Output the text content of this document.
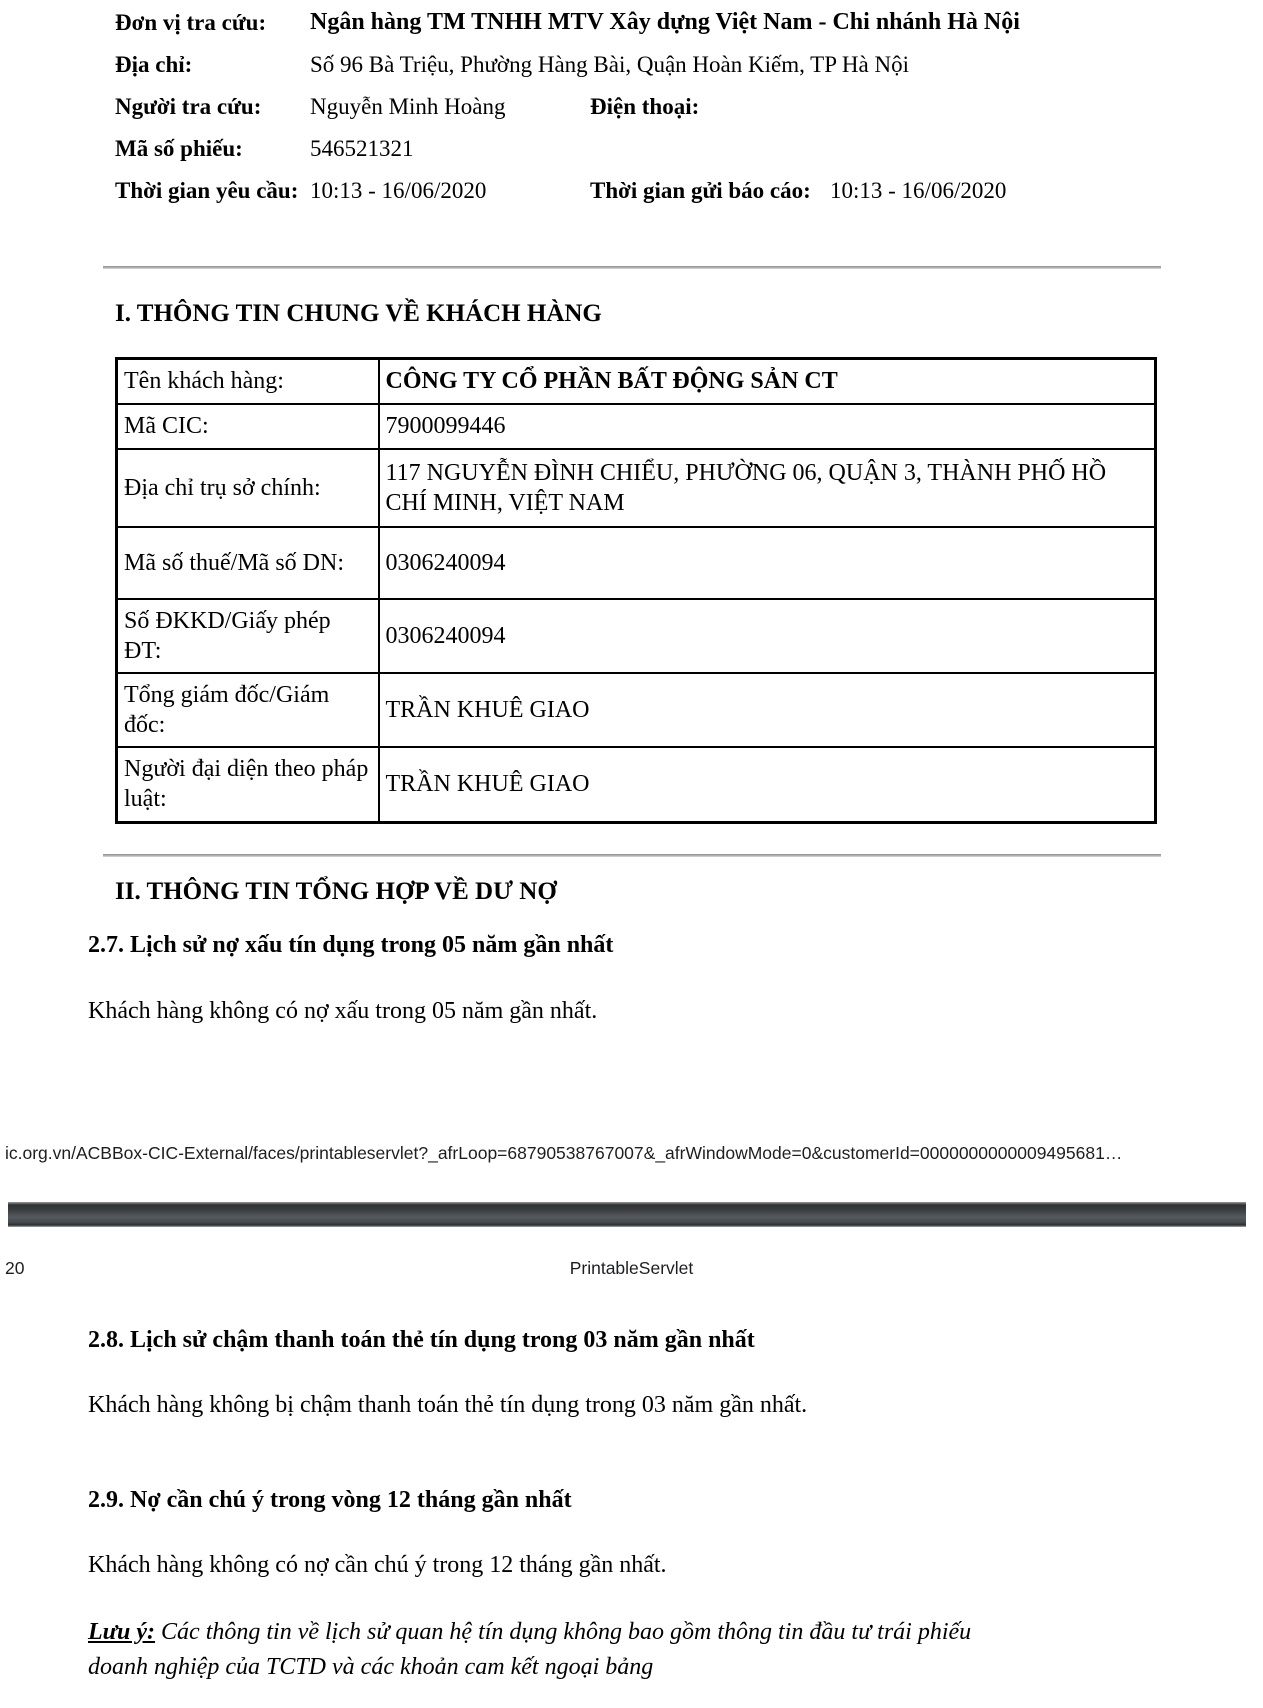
Đơn vị tra cứu:	Ngân hàng TM TNHH MTV Xây dựng Việt Nam - Chi nhánh Hà Nội
Địa chỉ:	Số 96 Bà Triệu, Phường Hàng Bài, Quận Hoàn Kiếm, TP Hà Nội
Người tra cứu:	Nguyễn Minh Hoàng	Điện thoại:
Mã số phiếu:	546521321
Thời gian yêu cầu: 10:13 - 16/06/2020	Thời gian gửi báo cáo: 10:13 - 16/06/2020
I. THÔNG TIN CHUNG VỀ KHÁCH HÀNG
Tên khách hàng:	CÔNG TY CỔ PHẦN BẤT ĐỘNG SẢN CT
Mã CIC:	7900099446
Địa chỉ trụ sở chính:	117 NGUYỄN ĐÌNH CHIỂU, PHƯỜNG 06, QUẬN 3, THÀNH PHỐ HỒ CHÍ MINH, VIỆT NAM
Mã số thuế/Mã số DN:	0306240094
Số ĐKKD/Giấy phép ĐT:	0306240094
Tổng giám đốc/Giám đốc:	TRẦN KHUÊ GIAO
Người đại diện theo pháp luật:	TRẦN KHUÊ GIAO
II. THÔNG TIN TỔNG HỢP VỀ DƯ NỢ
2.7. Lịch sử nợ xấu tín dụng trong 05 năm gần nhất
Khách hàng không có nợ xấu trong 05 năm gần nhất.
ic.org.vn/ACBBox-CIC-External/faces/printableservlet?_afrLoop=68790538767007&_afrWindowMode=0&customerId=0000000000009495681…
20	PrintableServlet
2.8. Lịch sử chậm thanh toán thẻ tín dụng trong 03 năm gần nhất
Khách hàng không bị chậm thanh toán thẻ tín dụng trong 03 năm gần nhất.
2.9. Nợ cần chú ý trong vòng 12 tháng gần nhất
Khách hàng không có nợ cần chú ý trong 12 tháng gần nhất.
Lưu ý: Các thông tin về lịch sử quan hệ tín dụng không bao gồm thông tin đầu tư trái phiếu doanh nghiệp của TCTD và các khoản cam kết ngoại bảng
